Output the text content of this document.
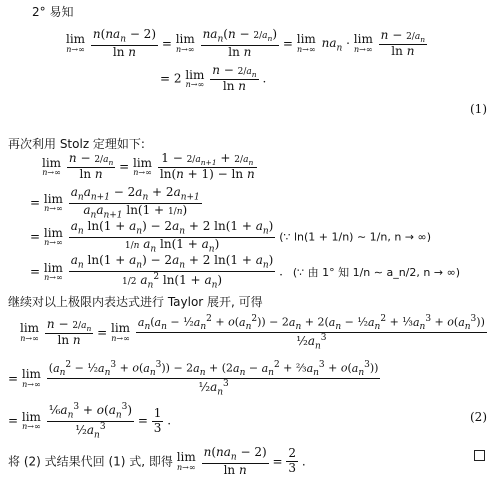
2° 易知
lim
n→∞
$\frac{n(na_n - 2)}{\text{ln n}} = \lim$
n→∞
$\frac{na_n(n - 2/a_n)}{\text{ln n}} = \lim$
n→∞ $na_n \cdot \lim$
n→∞
$\frac{n - 2/a_n}{\text{ln n}}$
= 2 lim
n→∞
$\frac{n - 2/a_n}{\text{ln n}}$ .
(1)
再次利用 Stolz 定理如下:
lim
n→∞
$\frac{n - 2/a_n}{\text{ln n}} = \lim$
n→∞
$\frac{1 - 2/a_{n+1} + 2/a_n}{\text{ln(n + 1) − ln n}}$
= lim
n→∞
$\frac{a_na_{n+1} - 2a_n + 2a_{n+1}}{a_na_{n+1} \ln(1 + 1/n)}$
= lim
n→∞
$\frac{a_n \ln(1 + a_n) - 2a_n + 2 \ln(1 + a_n)}{1/n a_n \ln(1 + a_n)}$ (∵ ln(1 + 1/n) ∼ 1/n, n → ∞)
= lim
n→∞
$\frac{a_n \ln(1 + a_n) - 2a_n + 2 \ln(1 + a_n)}{1/2 a_n^2 \ln(1 + a_n)}$ . (∵ 由 1° 知 1/n ∼ a_n/2, n → ∞)
继续对以上极限内表达式进行 Taylor 展开, 可得
lim
n→∞
$\frac{n - 2/a_n}{\text{ln n}} = \lim$
n→∞
$\frac{a_n(a_n - \frac{1}{2}a_n^2 + o(a_n^2)) - 2a_n + 2(a_n - \frac{1}{2}a_n^2 + \frac{1}{3}a_n^3 + o(a_n^3))}{\frac{1}{2}a_n^3}$
= lim
n→∞
$\frac{(a_n^2 - \frac{1}{2}a_n^3 + o(a_n^3)) - 2a_n + (2a_n - a_n^2 + \frac{2}{3}a_n^3 + o(a_n^3))}{\frac{1}{2}a_n^3}$
= lim
n→∞
$\frac{\frac{1}{6}a_n^3 + o(a_n^3)}{\frac{1}{2}a_n^3} = \frac{1}{3}$ .	(2)
将 (2) 式结果代回 (1) 式, 即得 lim
n→∞
$\frac{n(na_n - 2)}{\text{ln n}} = \frac{2}{3}$ .
